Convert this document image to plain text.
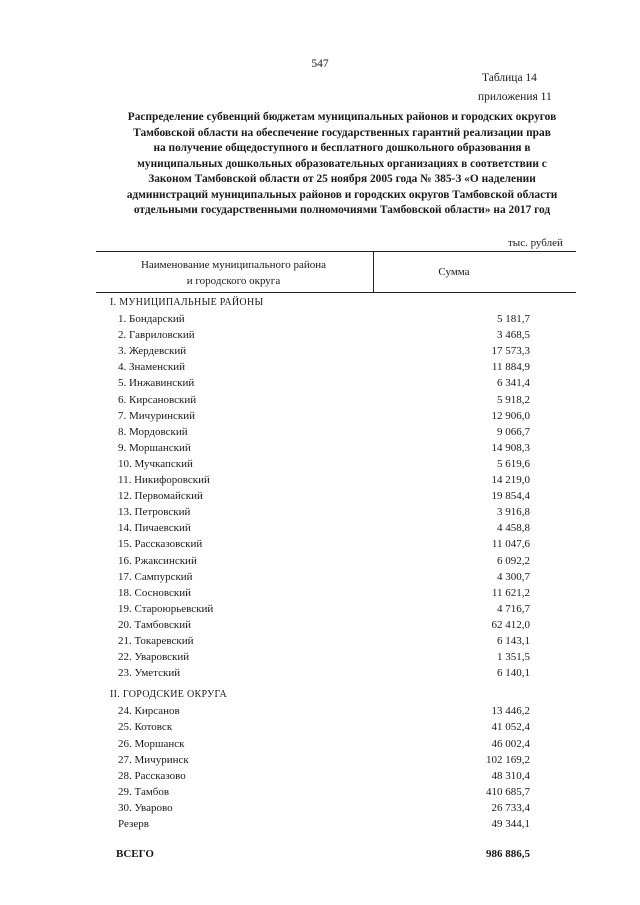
547
Таблица 14
приложения 11
Распределение субвенций бюджетам муниципальных районов и городских округов
Тамбовской области на обеспечение государственных гарантий реализации прав
на получение общедоступного и бесплатного дошкольного образования в
муниципальных дошкольных образовательных организациях в соответствии с
Законом Тамбовской области от 25 ноября 2005 года № 385-З «О наделении
администраций муниципальных районов и городских округов Тамбовской области
отдельными государственными полномочиями Тамбовской области» на 2017 год
тыс. рублей
Наименование муниципального района
и городского округа
Сумма
I. МУНИЦИПАЛЬНЫЕ РАЙОНЫ
1. Бондарский	5 181,7
2. Гавриловский	3 468,5
3. Жердевский	17 573,3
4. Знаменский	11 884,9
5. Инжавинский	6 341,4
6. Кирсановский	5 918,2
7. Мичуринский	12 906,0
8. Мордовский	9 066,7
9. Моршанский	14 908,3
10. Мучкапский	5 619,6
11. Никифоровский	14 219,0
12. Первомайский	19 854,4
13. Петровский	3 916,8
14. Пичаевский	4 458,8
15. Рассказовский	11 047,6
16. Ржаксинский	6 092,2
17. Сампурский	4 300,7
18. Сосновский	11 621,2
19. Староюрьевский	4 716,7
20. Тамбовский	62 412,0
21. Токаревский	6 143,1
22. Уваровский	1 351,5
23. Уметский	6 140,1
II. ГОРОДСКИЕ ОКРУГА
24. Кирсанов	13 446,2
25. Котовск	41 052,4
26. Моршанск	46 002,4
27. Мичуринск	102 169,2
28. Рассказово	48 310,4
29. Тамбов	410 685,7
30. Уварово	26 733,4
Резерв	49 344,1
ВСЕГО	986 886,5
